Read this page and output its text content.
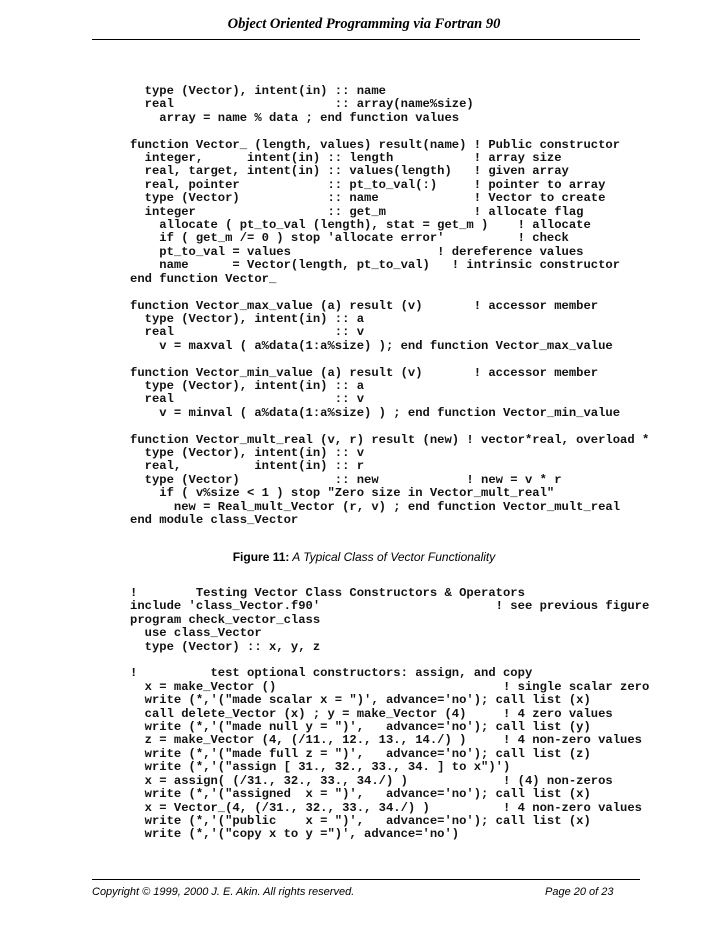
Object Oriented Programming via Fortran 90
type (Vector), intent(in) :: name
real                      :: array(name%size)
array = name % data ; end function values

function Vector_ (length, values) result(name) ! Public constructor
integer,      intent(in) :: length           ! array size
real, target, intent(in) :: values(length)   ! given array
real, pointer            :: pt_to_val(:)     ! pointer to array
type (Vector)            :: name             ! Vector to create
integer                  :: get_m            ! allocate flag
allocate ( pt_to_val (length), stat = get_m )    ! allocate
if ( get_m /= 0 ) stop 'allocate error'          ! check
pt_to_val = values                    ! dereference values
name      = Vector(length, pt_to_val)   ! intrinsic constructor
end function Vector_

function Vector_max_value (a) result (v)       ! accessor member
type (Vector), intent(in) :: a
real                      :: v
v = maxval ( a%data(1:a%size) ); end function Vector_max_value

function Vector_min_value (a) result (v)       ! accessor member
type (Vector), intent(in) :: a
real                      :: v
v = minval ( a%data(1:a%size) ) ; end function Vector_min_value

function Vector_mult_real (v, r) result (new) ! vector*real, overload *
type (Vector), intent(in) :: v
real,          intent(in) :: r
type (Vector)             :: new            ! new = v * r
if ( v%size < 1 ) stop "Zero size in Vector_mult_real"
new = Real_mult_Vector (r, v) ; end function Vector_mult_real
end module class_Vector
Figure 11: A Typical Class of Vector Functionality
!        Testing Vector Class Constructors & Operators
include 'class_Vector.f90'                        ! see previous figure
program check_vector_class
use class_Vector
type (Vector) :: x, y, z

!          test optional constructors: assign, and copy
x = make_Vector ()                               ! single scalar zero
write (*,'("made scalar x = ")', advance='no'); call list (x)
call delete_Vector (x) ; y = make_Vector (4)     ! 4 zero values
write (*,'("made null y = ")',   advance='no'); call list (y)
z = make_Vector (4, (/11., 12., 13., 14./) )     ! 4 non-zero values
write (*,'("made full z = ")',   advance='no'); call list (z)
write (*,'("assign [ 31., 32., 33., 34. ] to x")')
x = assign( (/31., 32., 33., 34./) )             ! (4) non-zeros
write (*,'("assigned  x = ")',   advance='no'); call list (x)
x = Vector_(4, (/31., 32., 33., 34./) )          ! 4 non-zero values
write (*,'("public    x = ")',   advance='no'); call list (x)
write (*,'("copy x to y =")', advance='no')
Copyright © 1999, 2000 J. E. Akin. All rights reserved.	Page 20 of 23
